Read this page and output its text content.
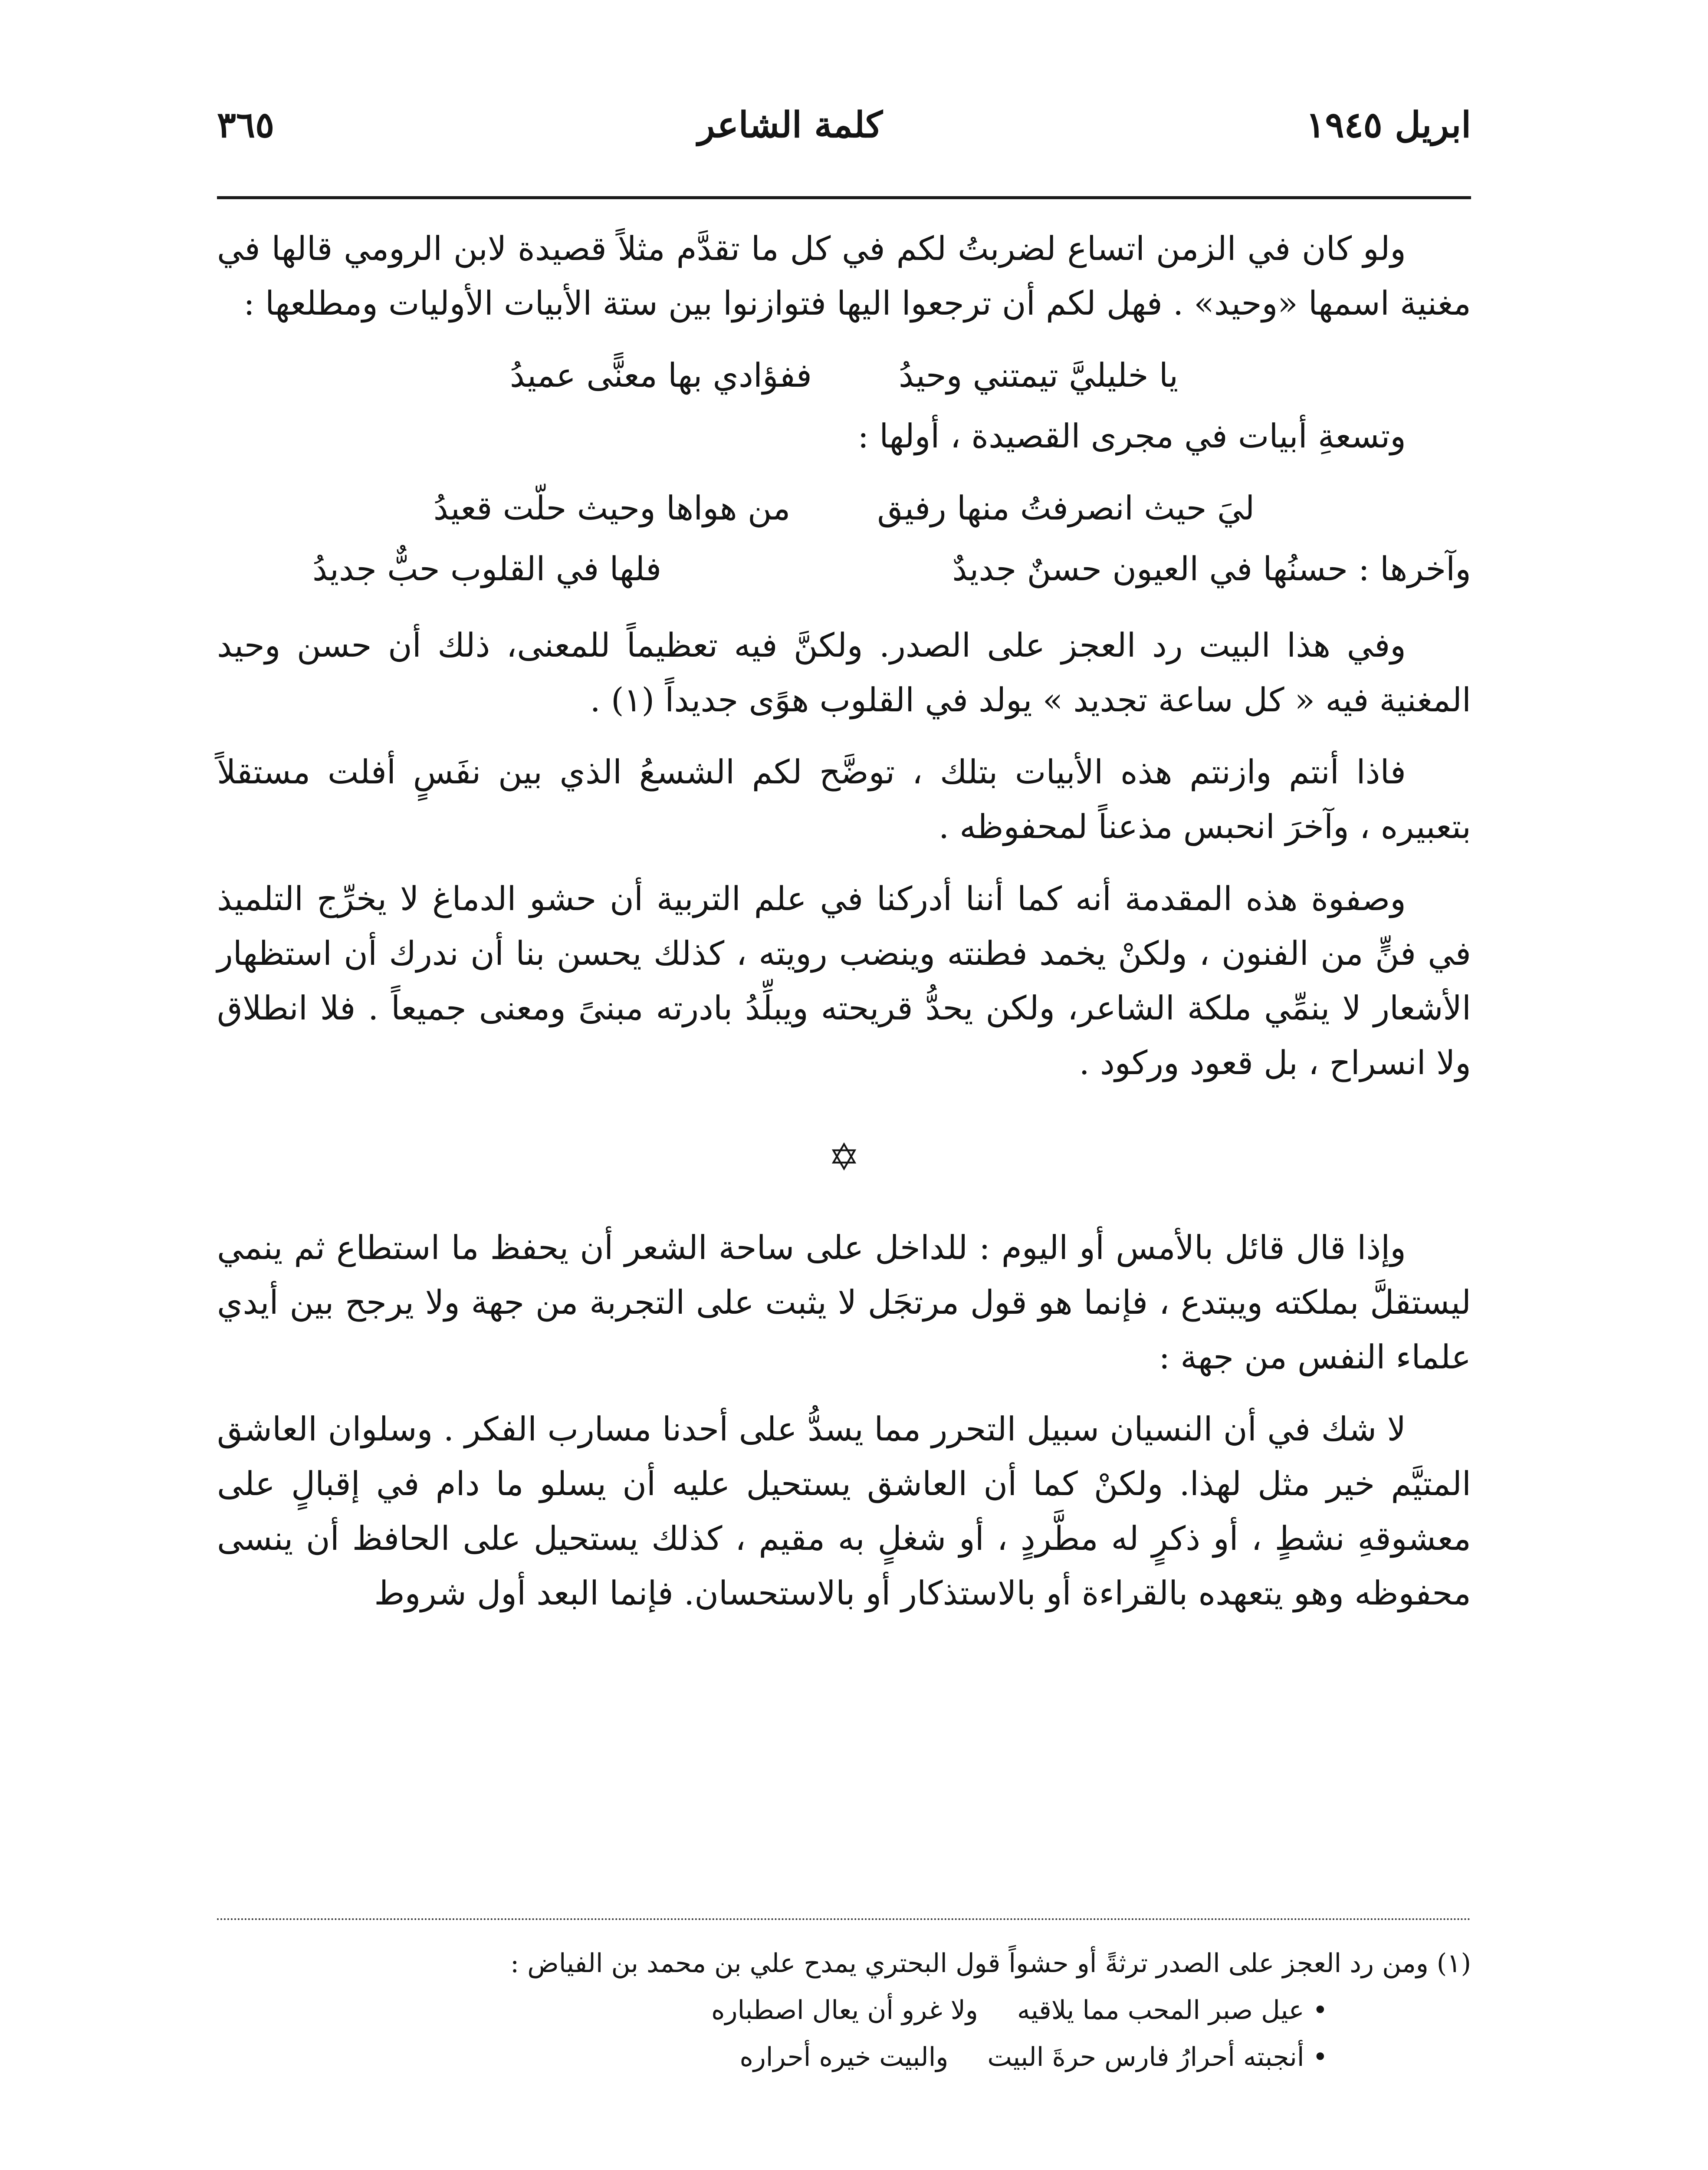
ابريل ١٩٤٥
كلمة الشاعر
٣٦٥

ولو كان في الزمن اتساع لضربتُ لكم في كل ما تقدَّم مثلاً قصيدة لابن الرومي قالها في مغنية اسمها «وحيد» . فهل لكم أن ترجعوا اليها فتوازنوا بين ستة الأبيات الأوليات ومطلعها :

يا خليليَّ تيمتني وحيدُ
ففؤادي بها معنًّى عميدُ

وتسعةِ أبيات في مجرى القصيدة ، أولها :

ليَ حيث انصرفتُ منها رفيق
من هواها وحيث حلّت قعيدُ
وآخرها : حسنُها في العيون حسنٌ جديدٌ
فلها في القلوب حبٌّ جديدُ

وفي هذا البيت رد العجز على الصدر. ولكنَّ فيه تعظيماً للمعنى، ذلك أن حسن وحيد المغنية فيه « كل ساعة تجديد » يولد في القلوب هوًى جديداً (١) .

فاذا أنتم وازنتم هذه الأبيات بتلك ، توضَّح لكم الشسعُ الذي بين نفَسٍ أفلت مستقلاً بتعبيره ، وآخرَ انحبس مذعناً لمحفوظه .

وصفوة هذه المقدمة أنه كما أننا أدركنا في علم التربية أن حشو الدماغ لا يخرِّج التلميذ في فنٍّ من الفنون ، ولكنْ يخمد فطنته وينضب رويته ، كذلك يحسن بنا أن ندرك أن استظهار الأشعار لا ينمِّي ملكة الشاعر، ولكن يحدُّ قريحته ويبلِّدُ بادرته مبنىً ومعنى جميعاً . فلا انطلاق ولا انسراح ، بل قعود وركود .

✡

وإذا قال قائل بالأمس أو اليوم : للداخل على ساحة الشعر أن يحفظ ما استطاع ثم ينمي ليستقلَّ بملكته ويبتدع ، فإنما هو قول مرتجَل لا يثبت على التجربة من جهة ولا يرجح بين أيدي علماء النفس من جهة :

لا شك في أن النسيان سبيل التحرر مما يسدُّ على أحدنا مسارب الفكر . وسلوان العاشق المتيَّم خير مثل لهذا. ولكنْ كما أن العاشق يستحيل عليه أن يسلو ما دام في إقبالٍ على معشوقهِ نشطٍ ، أو ذكرٍ له مطَّردٍ ، أو شغلٍ به مقيم ، كذلك يستحيل على الحافظ أن ينسى محفوظه وهو يتعهده بالقراءة أو بالاستذكار أو بالاستحسان. فإنما البعد أول شروط

(١) ومن رد العجز على الصدر ترثةً أو حشواً قول البحتري يمدح علي بن محمد بن الفياض :

• عيل صبر المحب مما يلاقيه
ولا غرو أن يعال اصطباره
• أنجبته أحرارُ فارس حرةَ البيت
والبيت خيره أحراره
